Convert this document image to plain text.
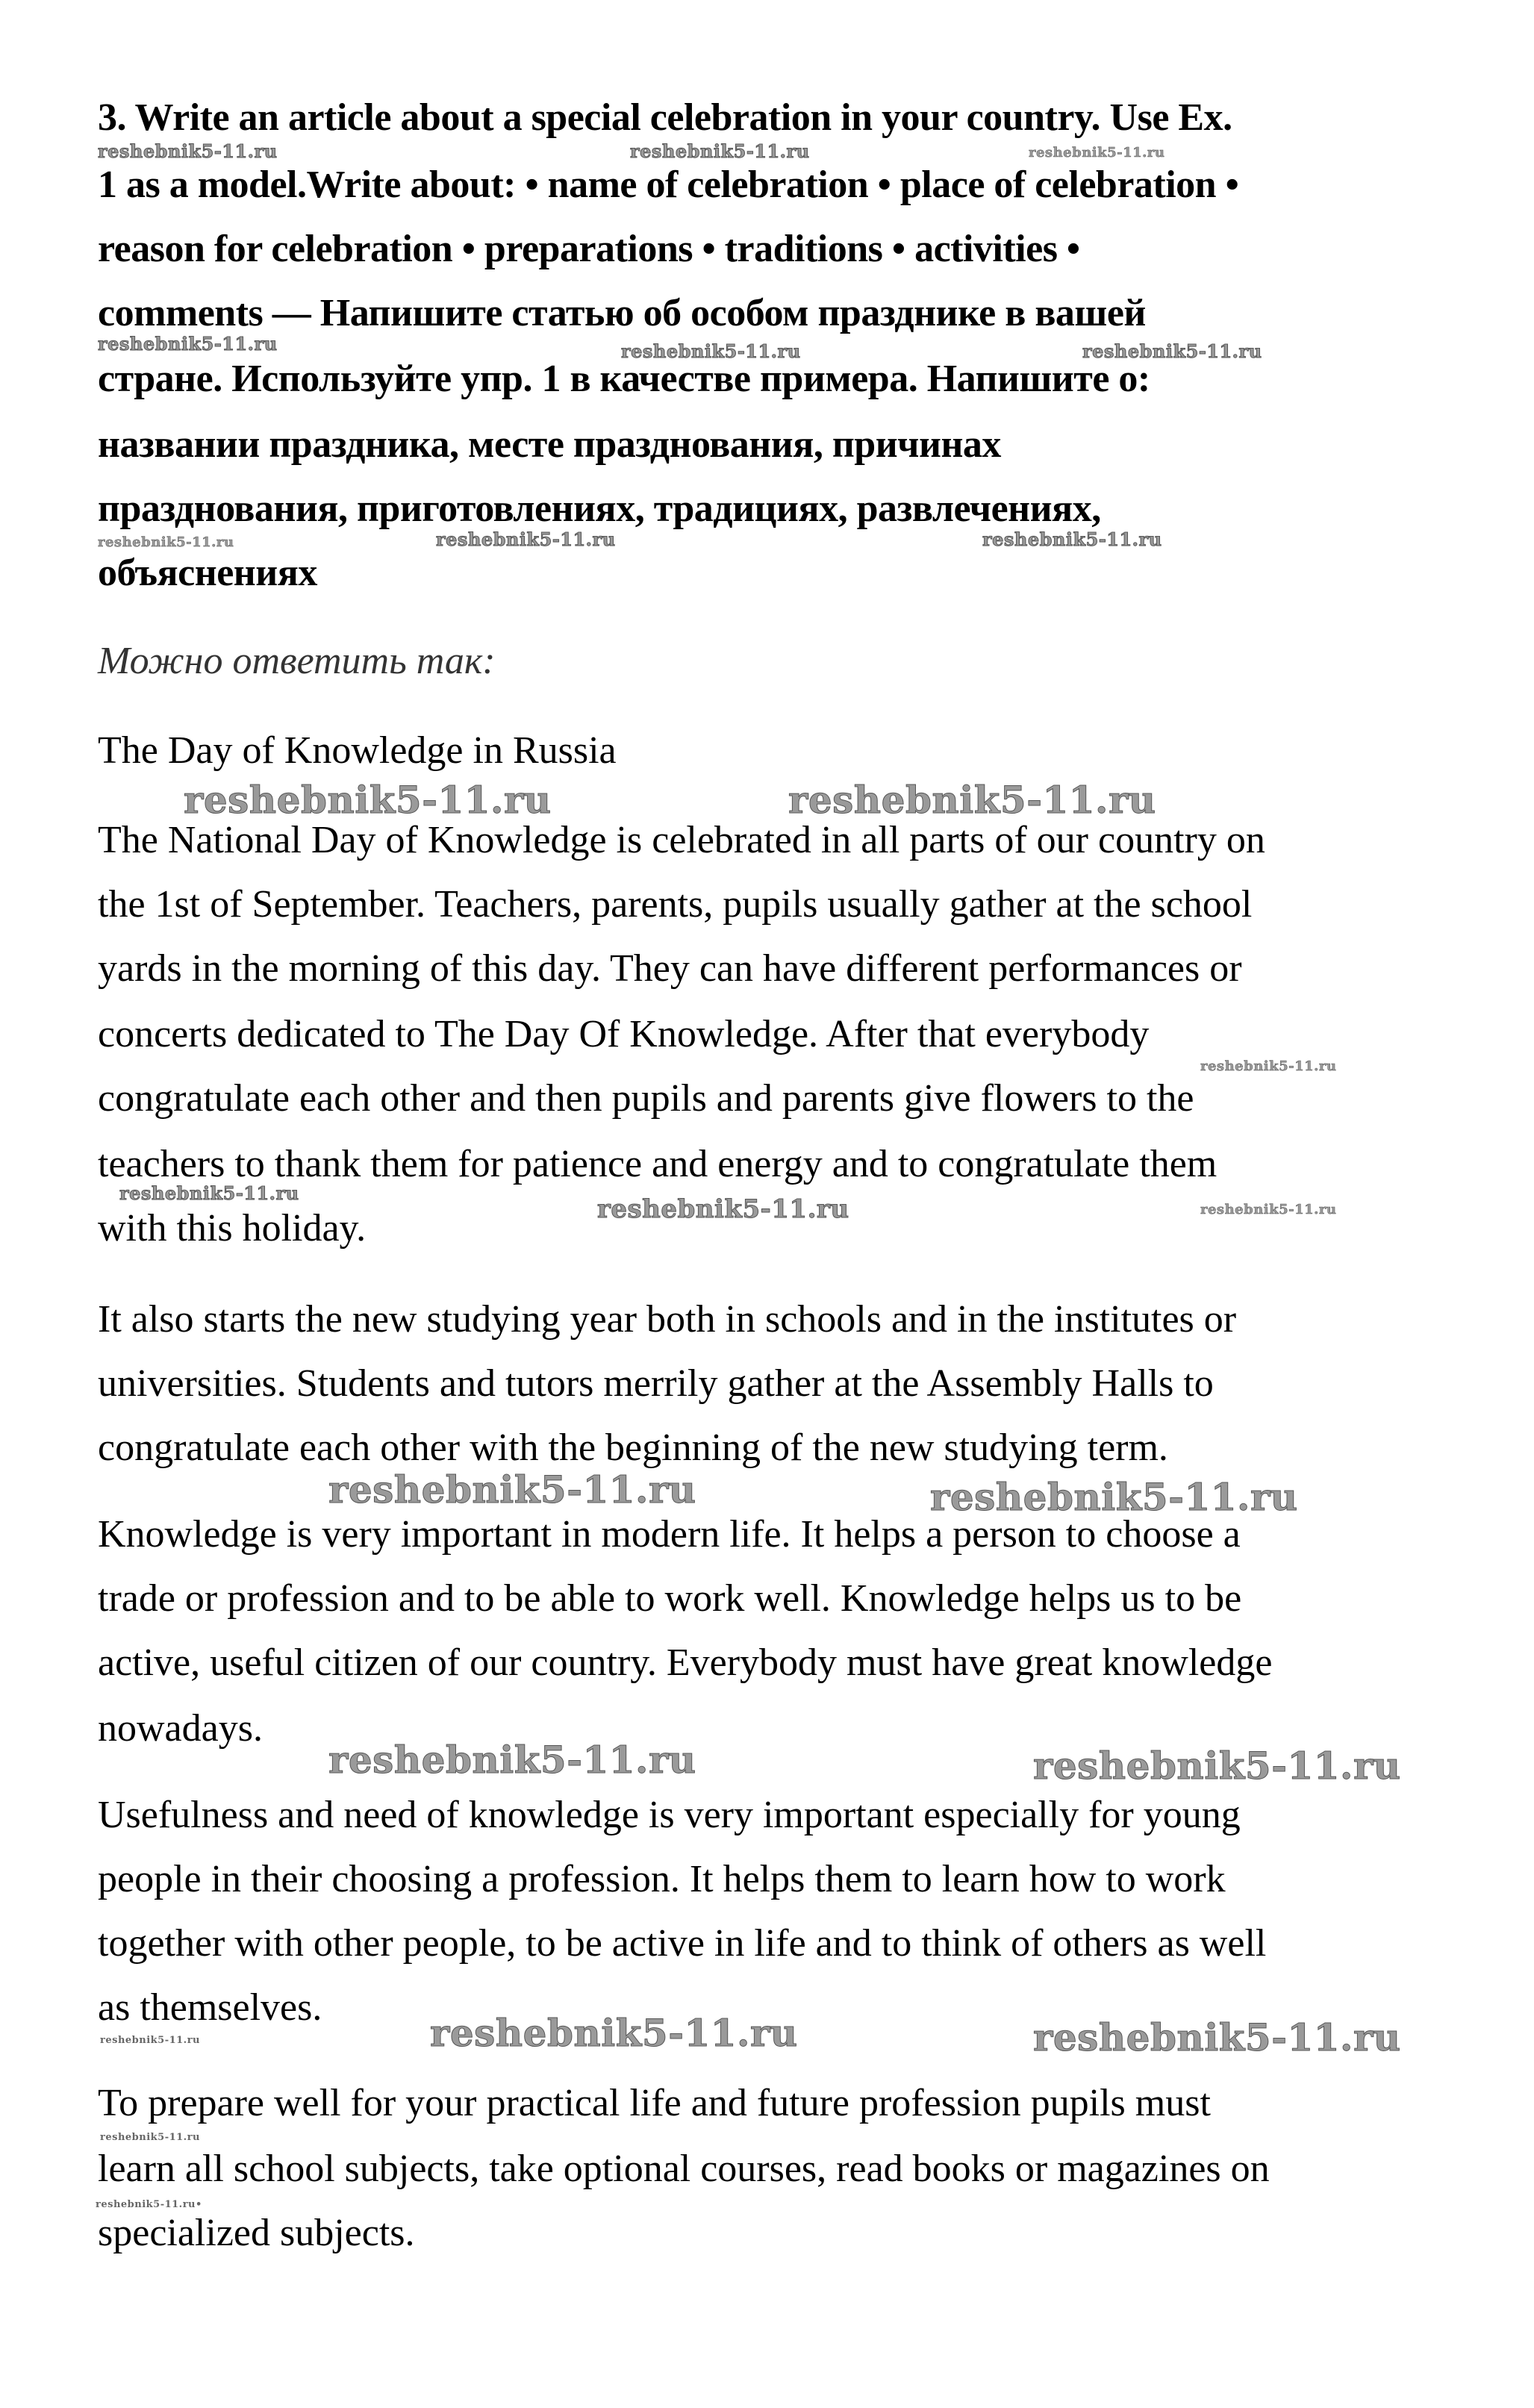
3. Write an article about a special celebration in your country. Use Ex.
1 as a model.Write about: • name of celebration • place of celebration •
reason for celebration • preparations • traditions • activities •
comments — Напишите статью об особом празднике в вашей
стране. Используйте упр. 1 в качестве примера. Напишите о:
названии праздника, месте празднования, причинах
празднования, приготовлениях, традициях, развлечениях,
объяснениях
Можно ответить так:
The Day of Knowledge in Russia
The National Day of Knowledge is celebrated in all parts of our country on
the 1st of September. Teachers, parents, pupils usually gather at the school
yards in the morning of this day. They can have different performances or
concerts dedicated to The Day Of Knowledge. After that everybody
congratulate each other and then pupils and parents give flowers to the
teachers to thank them for patience and energy and to congratulate them
with this holiday.
It also starts the new studying year both in schools and in the institutes or
universities. Students and tutors merrily gather at the Assembly Halls to
congratulate each other with the beginning of the new studying term.
Knowledge is very important in modern life. It helps a person to choose a
trade or profession and to be able to work well. Knowledge helps us to be
active, useful citizen of our country. Everybody must have great knowledge
nowadays.
Usefulness and need of knowledge is very important especially for young
people in their choosing a profession. It helps them to learn how to work
together with other people, to be active in life and to think of others as well
as themselves.
To prepare well for your practical life and future profession pupils must
learn all school subjects, take optional courses, read books or magazines on
specialized subjects.
reshebnik5-11.ru	reshebnik5-11.ru	reshebnik5-11.ru
reshebnik5-11.ru	reshebnik5-11.ru	reshebnik5-11.ru
reshebnik5-11.ru	reshebnik5-11.ru	reshebnik5-11.ru
reshebnik5-11.ru	reshebnik5-11.ru
reshebnik5-11.ru
reshebnik5-11.ru
reshebnik5-11.ru	reshebnik5-11.ru
reshebnik5-11.ru	reshebnik5-11.ru
reshebnik5-11.ru	reshebnik5-11.ru
reshebnik5-11.ru	reshebnik5-11.ru	reshebnik5-11.ru
reshebnik5-11.ru
reshebnik5-11.ru•
